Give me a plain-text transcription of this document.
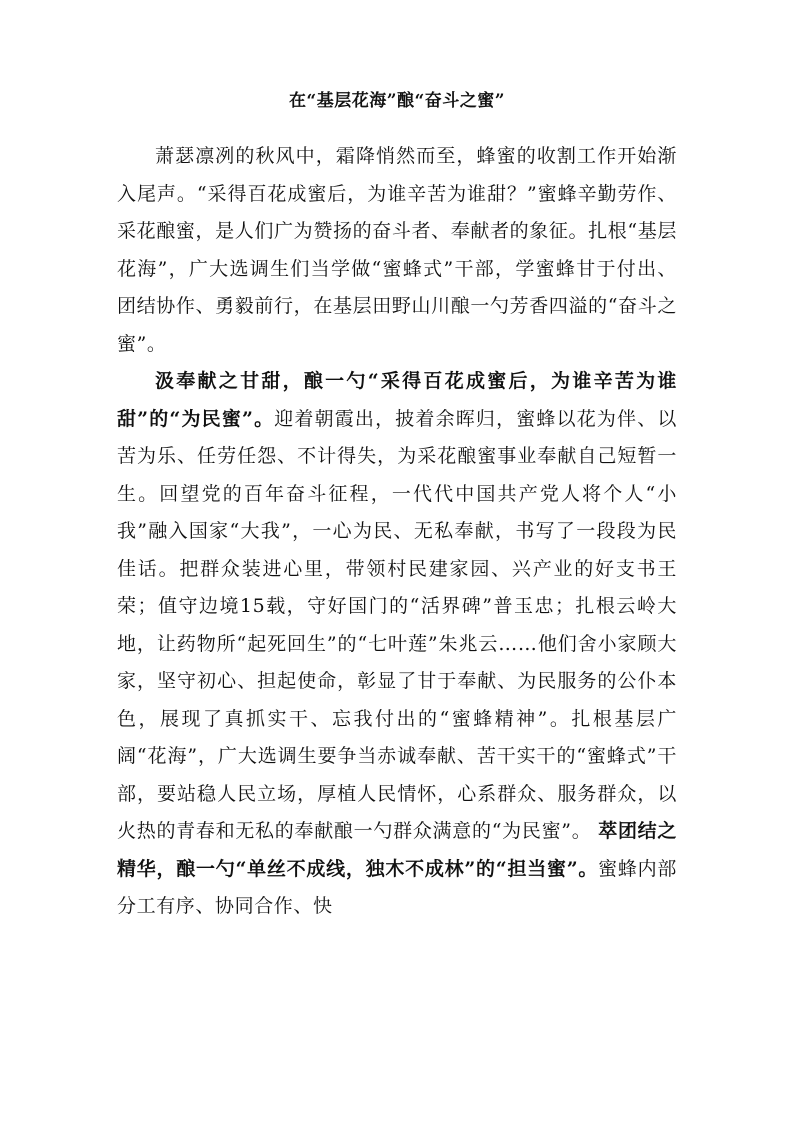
在“基层花海”酿“奋斗之蜜”

萧瑟凛冽的秋风中，霜降悄然而至，蜂蜜的收割工作开始渐入尾声。“采得百花成蜜后，为谁辛苦为谁甜？”蜜蜂辛勤劳作、采花酿蜜，是人们广为赞扬的奋斗者、奉献者的象征。扎根“基层花海”，广大选调生们当学做“蜜蜂式”干部，学蜜蜂甘于付出、团结协作、勇毅前行，在基层田野山川酿一勺芳香四溢的“奋斗之蜜”。

汲奉献之甘甜，酿一勺“采得百花成蜜后，为谁辛苦为谁甜”的“为民蜜”。迎着朝霞出，披着余晖归，蜜蜂以花为伴、以苦为乐、任劳任怨、不计得失，为采花酿蜜事业奉献自己短暂一生。回望党的百年奋斗征程，一代代中国共产党人将个人“小我”融入国家“大我”，一心为民、无私奉献，书写了一段段为民佳话。把群众装进心里，带领村民建家园、兴产业的好支书王荣；值守边境15载，守好国门的“活界碑”普玉忠；扎根云岭大地，让药物所“起死回生”的“七叶莲”朱兆云……他们舍小家顾大家，坚守初心、担起使命，彰显了甘于奉献、为民服务的公仆本色，展现了真抓实干、忘我付出的“蜜蜂精神”。扎根基层广阔“花海”，广大选调生要争当赤诚奉献、苦干实干的“蜜蜂式”干部，要站稳人民立场，厚植人民情怀，心系群众、服务群众，以火热的青春和无私的奉献酿一勺群众满意的“为民蜜”。 萃团结之精华，酿一勺“单丝不成线，独木不成林”的“担当蜜”。蜜蜂内部分工有序、协同合作、快
